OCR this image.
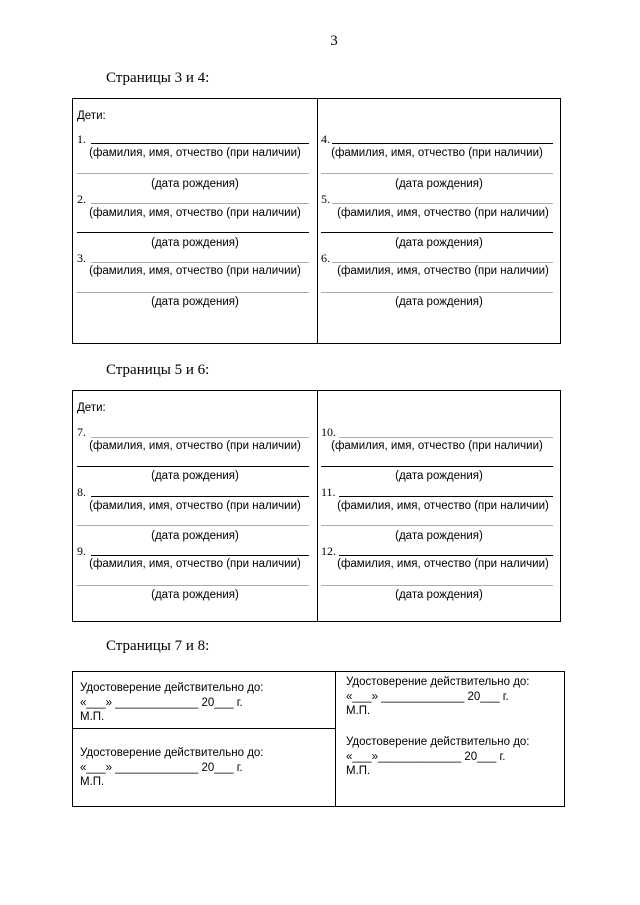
3
Страницы 3 и 4:
Дети:
1.
(фамилия, имя, отчество (при наличии)
(дата рождения)
2.
(фамилия, имя, отчество (при наличии)
(дата рождения)
3.
(фамилия, имя, отчество (при наличии)
(дата рождения)
4.
(фамилия, имя, отчество (при наличии)
(дата рождения)
5.
(фамилия, имя, отчество (при наличии)
(дата рождения)
6.
(фамилия, имя, отчество (при наличии)
(дата рождения)
Страницы 5 и 6:
Дети:
7.
(фамилия, имя, отчество (при наличии)
(дата рождения)
8.
(фамилия, имя, отчество (при наличии)
(дата рождения)
9.
(фамилия, имя, отчество (при наличии)
(дата рождения)
10.
(фамилия, имя, отчество (при наличии)
(дата рождения)
11.
(фамилия, имя, отчество (при наличии)
(дата рождения)
12.
(фамилия, имя, отчество (при наличии)
(дата рождения)
Страницы 7 и 8:
Удостоверение действительно до:
«___» _____________ 20___ г.
М.П.
Удостоверение действительно до:
«___» _____________ 20___ г.
М.П.
Удостоверение действительно до:
«___» _____________ 20___ г.
М.П.
Удостоверение действительно до:
«___»_____________ 20___ г.
М.П.
